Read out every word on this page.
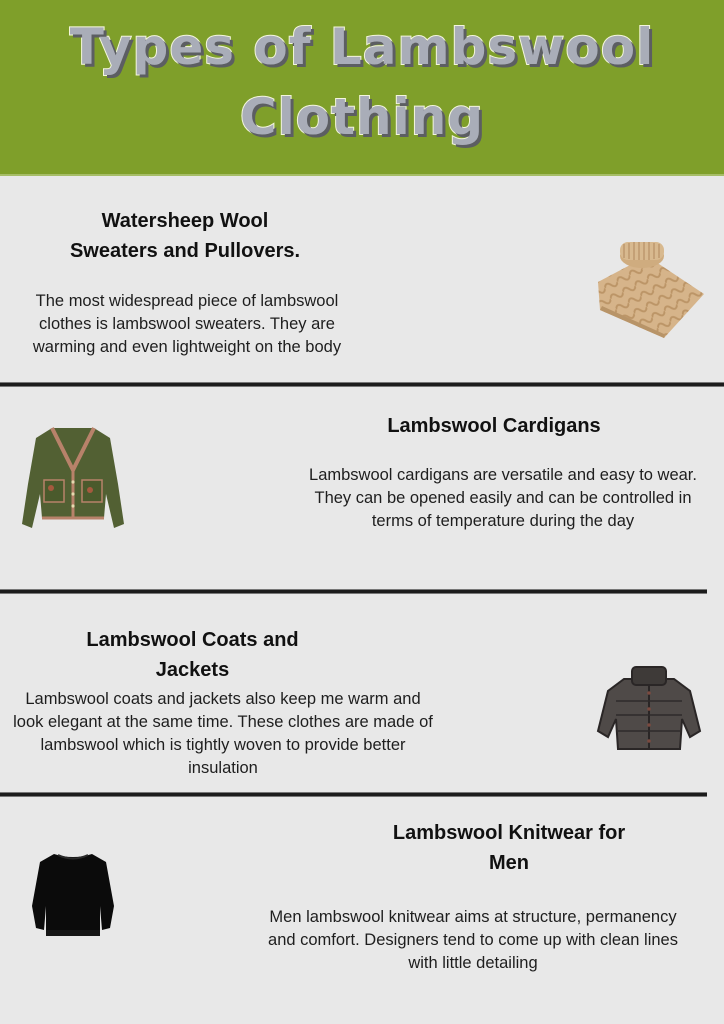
Types of Lambswool
Clothing
Watersheep Wool
Sweaters and Pullovers.
The most widespread piece of lambswool clothes is lambswool sweaters. They are warming and even lightweight on the body
Lambswool Cardigans
Lambswool cardigans are versatile and easy to wear. They can be opened easily and can be controlled in terms of temperature during the day
Lambswool Coats and
Jackets
Lambswool coats and jackets also keep me warm and look elegant at the same time. These clothes are made of lambswool which is tightly woven to provide better insulation
Lambswool Knitwear for
Men
Men lambswool knitwear aims at structure, permanency and comfort. Designers tend to come up with clean lines with little detailing
